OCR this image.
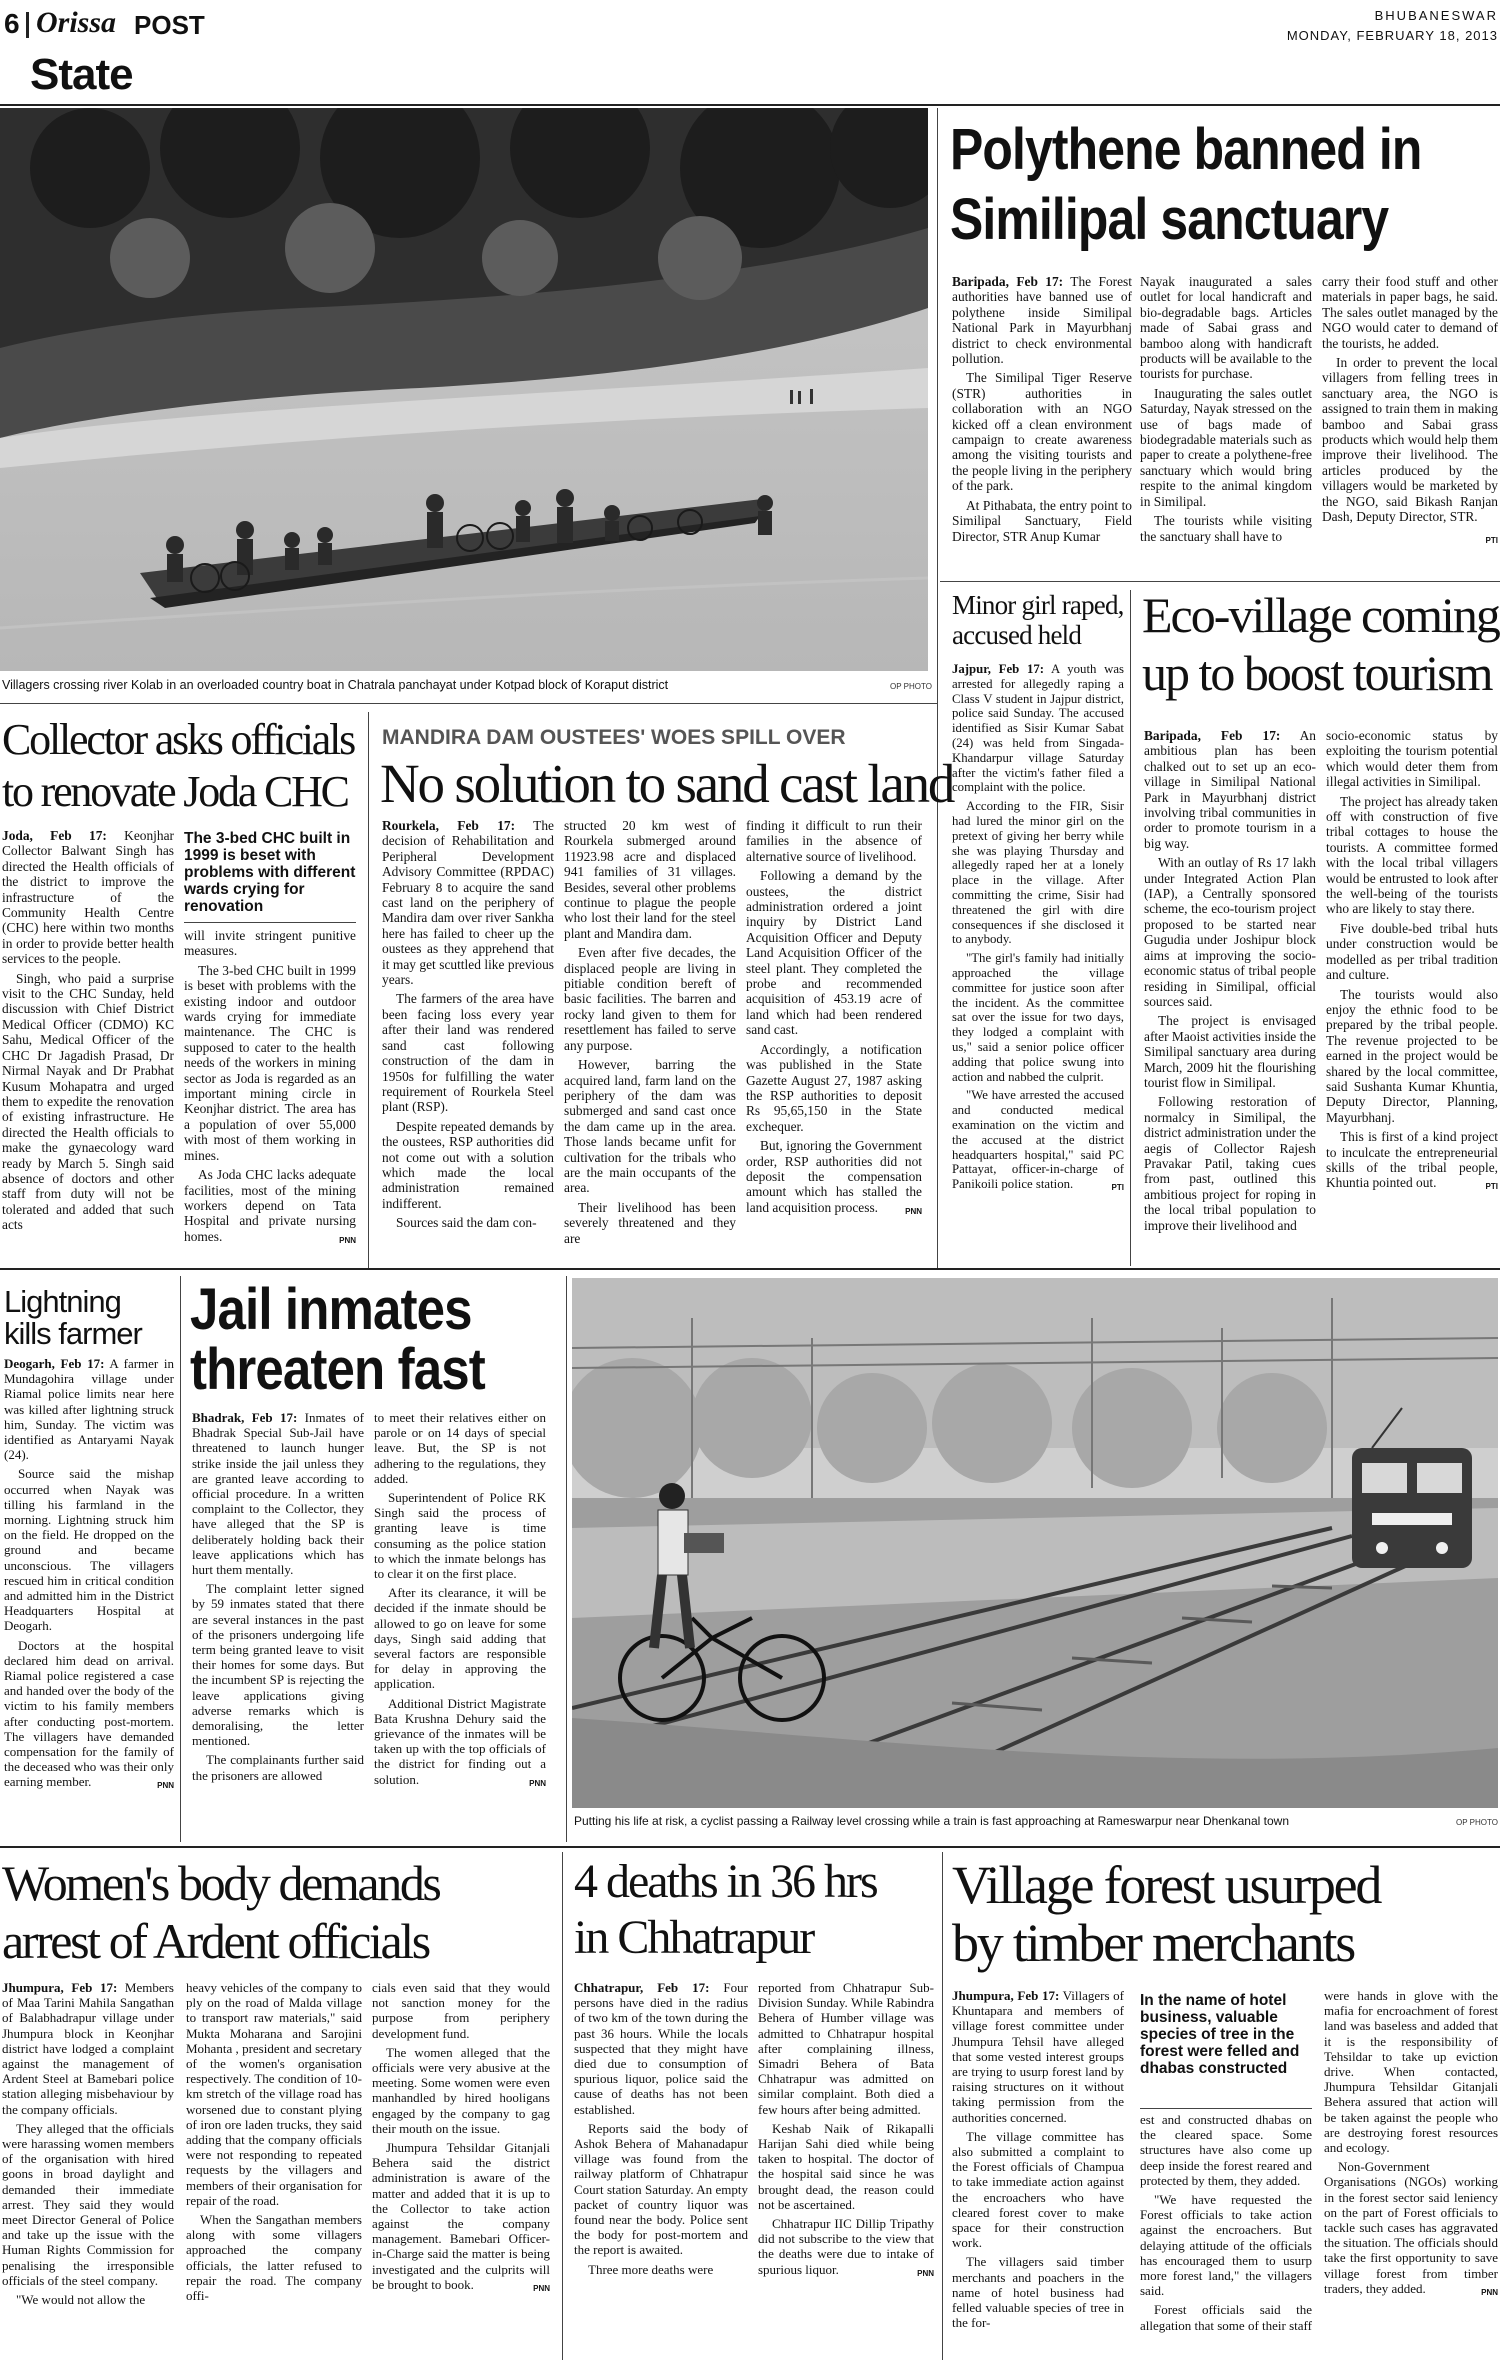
6 Orissa POST
State
BHUBANESWAR
MONDAY, FEBRUARY 18, 2013
Villagers crossing river Kolab in an overloaded country boat in Chatrala panchayat under Kotpad block of Koraput district	OP PHOTO
Polythene banned in
Similipal sanctuary

Baripada, Feb 17: The Forest authorities have banned use of polythene inside Similipal National Park in Mayurbhanj district to check environmental pollution.

The Similipal Tiger Reserve (STR) authorities in collaboration with an NGO kicked off a clean environment campaign to create awareness among the visiting tourists and the people living in the periphery of the park.

At Pithabata, the entry point to Similipal Sanctuary, Field Director, STR Anup Kumar

Nayak inaugurated a sales outlet for local handicraft and bio-degradable bags. Articles made of Sabai grass and bamboo along with handicraft products will be available to the tourists for purchase.

Inaugurating the sales outlet Saturday, Nayak stressed on the use of bags made of biodegradable materials such as paper to create a polythene-free sanctuary which would bring respite to the animal kingdom in Similipal.

The tourists while visiting the sanctuary shall have to

carry their food stuff and other materials in paper bags, he said. The sales outlet managed by the NGO would cater to demand of the tourists, he added.

In order to prevent the local villagers from felling trees in sanctuary area, the NGO is assigned to train them in making bamboo and Sabai grass products which would help them improve their livelihood. The articles produced by the villagers would be marketed by the NGO, said Bikash Ranjan Dash, Deputy Director, STR.

PTI

Minor girl raped,
accused held

Jajpur, Feb 17: A youth was arrested for allegedly raping a Class V student in Jajpur district, police said Sunday. The accused identified as Sisir Kumar Sabat (24) was held from Singada-Khandarpur village Saturday after the victim's father filed a complaint with the police.

According to the FIR, Sisir had lured the minor girl on the pretext of giving her berry while she was playing Thursday and allegedly raped her at a lonely place in the village. After committing the crime, Sisir had threatened the girl with dire consequences if she disclosed it to anybody.

"The girl's family had initially approached the village committee for justice soon after the incident. As the committee sat over the issue for two days, they lodged a complaint with us," said a senior police officer adding that police swung into action and nabbed the culprit.

"We have arrested the accused and conducted medical examination on the victim and the accused at the district headquarters hospital," said PC Pattayat, officer-in-charge of Panikoili police station.	PTI

Eco-village coming
up to boost tourism

Baripada, Feb 17: An ambitious plan has been chalked out to set up an eco-village in Similipal National Park in Mayurbhanj district involving tribal communities in order to promote tourism in a big way.

With an outlay of Rs 17 lakh under Integrated Action Plan (IAP), a Centrally sponsored scheme, the eco-tourism project proposed to be started near Gugudia under Joshipur block aims at improving the socio-economic status of tribal people residing in Similipal, official sources said.

The project is envisaged after Maoist activities inside the Similipal sanctuary area during March, 2009 hit the flourishing tourist flow in Similipal.

Following restoration of normalcy in Similipal, the district administration under the aegis of Collector Rajesh Pravakar Patil, taking cues from past, outlined this ambitious project for roping in the local tribal population to improve their livelihood and

socio-economic status by exploiting the tourism potential which would deter them from illegal activities in Similipal.

The project has already taken off with construction of five tribal cottages to house the tourists. A committee formed with the local tribal villagers would be entrusted to look after the well-being of the tourists who are likely to stay there.

Five double-bed tribal huts under construction would be modelled as per tribal tradition and culture.

The tourists would also enjoy the ethnic food to be prepared by the tribal people. The revenue projected to be earned in the project would be shared by the local committee, said Sushanta Kumar Khuntia, Deputy Director, Planning, Mayurbhanj.

This is first of a kind project to inculcate the entrepreneurial skills of the tribal people, Khuntia pointed out.	PTI

Collector asks officials
to renovate Joda CHC

Joda, Feb 17: Keonjhar Collector Balwant Singh has directed the Health officials of the district to improve the infrastructure of the Community Health Centre (CHC) here within two months in order to provide better health services to the people.

Singh, who paid a surprise visit to the CHC Sunday, held discussion with Chief District Medical Officer (CDMO) KC Sahu, Medical Officer of the CHC Dr Jagadish Prasad, Dr Nirmal Nayak and Dr Prabhat Kusum Mohapatra and urged them to expedite the renovation of existing infrastructure. He directed the Health officials to make the gynaecology ward ready by March 5. Singh said absence of doctors and other staff from duty will not be tolerated and added that such acts

The 3-bed CHC built in 1999 is beset with problems with different wards crying for renovation

will invite stringent punitive measures.

The 3-bed CHC built in 1999 is beset with problems with the existing indoor and outdoor wards crying for immediate maintenance. The CHC is supposed to cater to the health needs of the workers in mining sector as Joda is regarded as an important mining circle in Keonjhar district. The area has a population of over 55,000 with most of them working in mines.

As Joda CHC lacks adequate facilities, most of the mining workers depend on Tata Hospital and private nursing homes.	PNN

MANDIRA DAM OUSTEES' WOES SPILL OVER
No solution to sand cast land

Rourkela, Feb 17: The decision of Rehabilitation and Peripheral Development Advisory Committee (RPDAC) February 8 to acquire the sand cast land on the periphery of Mandira dam over river Sankha here has failed to cheer up the oustees as they apprehend that it may get scuttled like previous years.

The farmers of the area have been facing loss every year after their land was rendered sand cast following construction of the dam in 1950s for fulfilling the water requirement of Rourkela Steel plant (RSP).

Despite repeated demands by the oustees, RSP authorities did not come out with a solution which made the local administration remained indifferent.

Sources said the dam con-

structed 20 km west of Rourkela submerged around 11923.98 acre and displaced 941 families of 31 villages. Besides, several other problems continue to plague the people who lost their land for the steel plant and Mandira dam.

Even after five decades, the displaced people are living in pitiable condition bereft of basic facilities. The barren and rocky land given to them for resettlement has failed to serve any purpose.

However, barring the acquired land, farm land on the periphery of the dam was submerged and sand cast once the dam came up in the area. Those lands became unfit for cultivation for the tribals who are the main occupants of the area.

Their livelihood has been severely threatened and they are

finding it difficult to run their families in the absence of alternative source of livelihood.

Following a demand by the oustees, the district administration ordered a joint inquiry by District Land Acquisition Officer and Deputy Land Acquisition Officer of the steel plant. They completed the probe and recommended acquisition of 453.19 acre of land which had been rendered sand cast.

Accordingly, a notification was published in the State Gazette August 27, 1987 asking the RSP authorities to deposit Rs 95,65,150 in the State exchequer.

But, ignoring the Government order, RSP authorities did not deposit the compensation amount which has stalled the land acquisition process.	PNN

Lightning
kills farmer

Deogarh, Feb 17: A farmer in Mundagohira village under Riamal police limits near here was killed after lightning struck him, Sunday. The victim was identified as Antaryami Nayak (24).

Source said the mishap occurred when Nayak was tilling his farmland in the morning. Lightning struck him on the field. He dropped on the ground and became unconscious. The villagers rescued him in critical condition and admitted him in the District Headquarters Hospital at Deogarh.

Doctors at the hospital declared him dead on arrival. Riamal police registered a case and handed over the body of the victim to his family members after conducting post-mortem. The villagers have demanded compensation for the family of the deceased who was their only earning member.	PNN

Jail inmates
threaten fast

Bhadrak, Feb 17: Inmates of Bhadrak Special Sub-Jail have threatened to launch hunger strike inside the jail unless they are granted leave according to official procedure. In a written complaint to the Collector, they have alleged that the SP is deliberately holding back their leave applications which has hurt them mentally.

The complaint letter signed by 59 inmates stated that there are several instances in the past of the prisoners undergoing life term being granted leave to visit their homes for some days. But the incumbent SP is rejecting the leave applications giving adverse remarks which is demoralising, the letter mentioned.

The complainants further said the prisoners are allowed

to meet their relatives either on parole or on 14 days of special leave. But, the SP is not adhering to the regulations, they added.

Superintendent of Police RK Singh said the process of granting leave is time consuming as the police station to which the inmate belongs has to clear it on the first place.

After its clearance, it will be decided if the inmate should be allowed to go on leave for some days, Singh said adding that several factors are responsible for delay in approving the application.

Additional District Magistrate Bata Krushna Dehury said the grievance of the inmates will be taken up with the top officials of the district for finding out a solution.	PNN

Putting his life at risk, a cyclist passing a Railway level crossing while a train is fast approaching at Rameswarpur near Dhenkanal town	OP PHOTO
Women's body demands
arrest of Ardent officials

Jhumpura, Feb 17: Members of Maa Tarini Mahila Sangathan of Balabhadrapur village under Jhumpura block in Keonjhar district have lodged a complaint against the management of Ardent Steel at Bamebari police station alleging misbehaviour by the company officials.

They alleged that the officials were harassing women members of the organisation with hired goons in broad daylight and demanded their immediate arrest. They said they would meet Director General of Police and take up the issue with the Human Rights Commission for penalising the irresponsible officials of the steel company.

"We would not allow the

heavy vehicles of the company to ply on the road of Malda village to transport raw materials," said Mukta Moharana and Sarojini Mohanta , president and secretary of the women's organisation respectively. The condition of 10-km stretch of the village road has worsened due to constant plying of iron ore laden trucks, they said adding that the company officials were not responding to repeated requests by the villagers and members of their organisation for repair of the road.

When the Sangathan members along with some villagers approached the company officials, the latter refused to repair the road. The company offi-

cials even said that they would not sanction money for the purpose from periphery development fund.

The women alleged that the officials were very abusive at the meeting. Some women were even manhandled by hired hooligans engaged by the company to gag their mouth on the issue.

Jhumpura Tehsildar Gitanjali Behera said the district administration is aware of the matter and added that it is up to the Collector to take action against the company management. Bamebari Officer-in-Charge said the matter is being investigated and the culprits will be brought to book.	PNN

4 deaths in 36 hrs
in Chhatrapur

Chhatrapur, Feb 17: Four persons have died in the radius of two km of the town during the past 36 hours. While the locals suspected that they might have died due to consumption of spurious liquor, police said the cause of deaths has not been established.

Reports said the body of Ashok Behera of Mahanadapur village was found from the railway platform of Chhatrapur Court station Saturday. An empty packet of country liquor was found near the body. Police sent the body for post-mortem and the report is awaited.

Three more deaths were

reported from Chhatrapur Sub-Division Sunday. While Rabindra Behera of Humber village was admitted to Chhatrapur hospital after complaining illness, Simadri Behera of Bata Chhatrapur was admitted on similar complaint. Both died a few hours after being admitted.

Keshab Naik of Rikapalli Harijan Sahi died while being taken to hospital. The doctor of the hospital said since he was brought dead, the reason could not be ascertained.

Chhatrapur IIC Dillip Tripathy did not subscribe to the view that the deaths were due to intake of spurious liquor.	PNN

Village forest usurped
by timber merchants

Jhumpura, Feb 17: Villagers of Khuntapara and members of village forest committee under Jhumpura Tehsil have alleged that some vested interest groups are trying to usurp forest land by raising structures on it without taking permission from the authorities concerned.

The village committee has also submitted a complaint to the Forest officials of Champua to take immediate action against the encroachers who have cleared forest cover to make space for their construction work.

The villagers said timber merchants and poachers in the name of hotel business had felled valuable species of tree in the for-

In the name of hotel business, valuable species of tree in the forest were felled and dhabas constructed

est and constructed dhabas on the cleared space. Some structures have also come up deep inside the forest reared and protected by them, they added.

"We have requested the Forest officials to take action against the encroachers. But delaying attitude of the officials has encouraged them to usurp more forest land," the villagers said.

Forest officials said the allegation that some of their staff

were hands in glove with the mafia for encroachment of forest land was baseless and added that it is the responsibility of Tehsildar to take up eviction drive. When contacted, Jhumpura Tehsildar Gitanjali Behera assured that action will be taken against the people who are destroying forest resources and ecology.

Non-Government Organisations (NGOs) working in the forest sector said leniency on the part of Forest officials to tackle such cases has aggravated the situation. The officials should take the first opportunity to save village forest from timber traders, they added.	PNN
